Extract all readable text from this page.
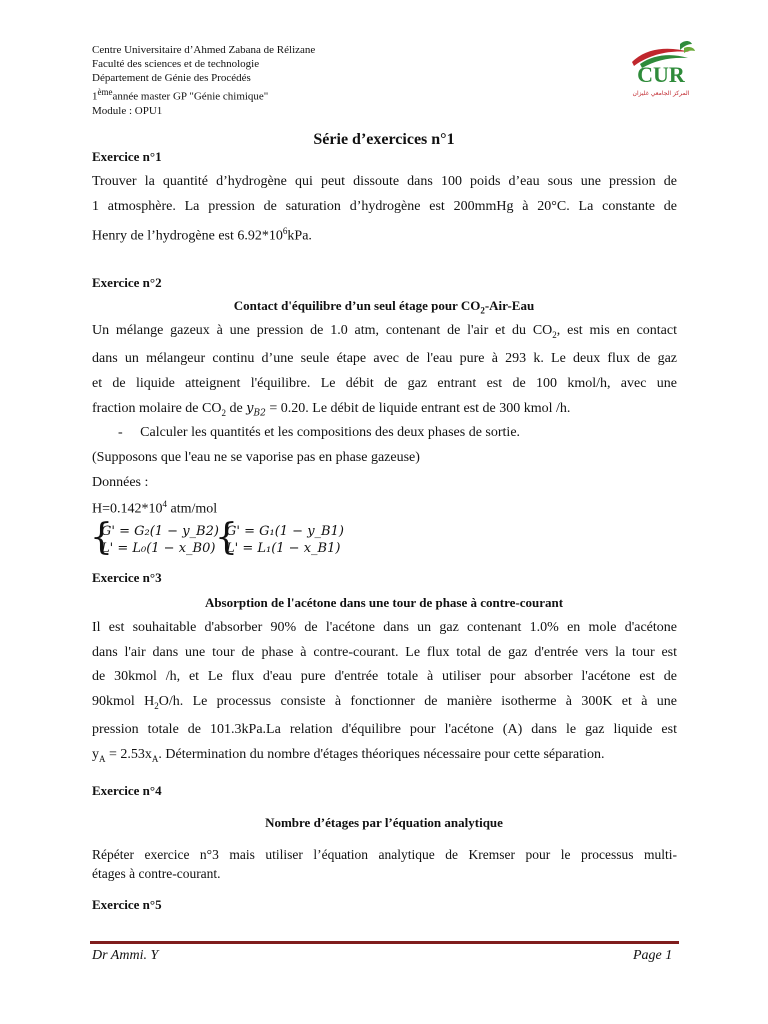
Centre Universitaire d’Ahmed Zabana de Rélizane
Faculté des sciences et de technologie
Département de Génie des Procédés
1èmeannée master GP "Génie chimique"
Module : OPU1
CUR
المركز الجامعي غليزان
Série d’exercices n°1
Exercice n°1
Trouver la quantité d’hydrogène qui peut dissoute dans 100 poids d’eau sous une pression de
1 atmosphère. La pression de saturation d’hydrogène est 200mmHg à 20°C. La constante de
Henry de l’hydrogène est $6.92*10^6kPa$.
Exercice n°2
Contact d'équilibre d’un seul étage pour $CO_2-Air$-Eau
Un mélange gazeux à une pression de 1.0 atm, contenant de l'air et du $CO_2$, est mis en contact
dans un mélangeur continu d’une seule étape avec de l'eau pure à 293 k. Le deux flux de gaz
et de liquide atteignent l'équilibre. Le débit de gaz entrant est de 100 kmol/h, avec une
fraction molaire de $CO_2$ de $y_{B2} = 0.20$. Le débit de liquide entrant est de 300 kmol /h.
- Calculer les quantités et les compositions des deux phases de sortie.
(Supposons que l'eau ne se vaporise pas en phase gazeuse)
Données :
$H=0.142*10^4$ atm/mol
{
G' = G₂(1 − y_B2)
L' = L₀(1 − x_B0) {
G' = G₁(1 − y_B1)
L' = L₁(1 − x_B1)
Exercice n°3
Absorption de l'acétone dans une tour de phase à contre-courant
Il est souhaitable d'absorber 90% de l'acétone dans un gaz contenant 1.0% en mole d'acétone
dans l'air dans une tour de phase à contre-courant. Le flux total de gaz d'entrée vers la tour est
de 30kmol /h, et Le flux d'eau pure d'entrée totale à utiliser pour absorber l'acétone est de
90kmol $H_2O/h$. Le processus consiste à fonctionner de manière isotherme à 300K et à une
pression totale de 101.3kPa.La relation d'équilibre pour l'acétone (A) dans le gaz liquide est
$y_A = 2.53x_A$. Détermination du nombre d'étages théoriques nécessaire pour cette séparation.
Exercice n°4
Nombre d’étages par l’équation analytique
Répéter exercice n°3 mais utiliser l’équation analytique de Kremser pour le processus multi-
étages à contre-courant.
Exercice n°5
Dr Ammi. Y	Page 1
